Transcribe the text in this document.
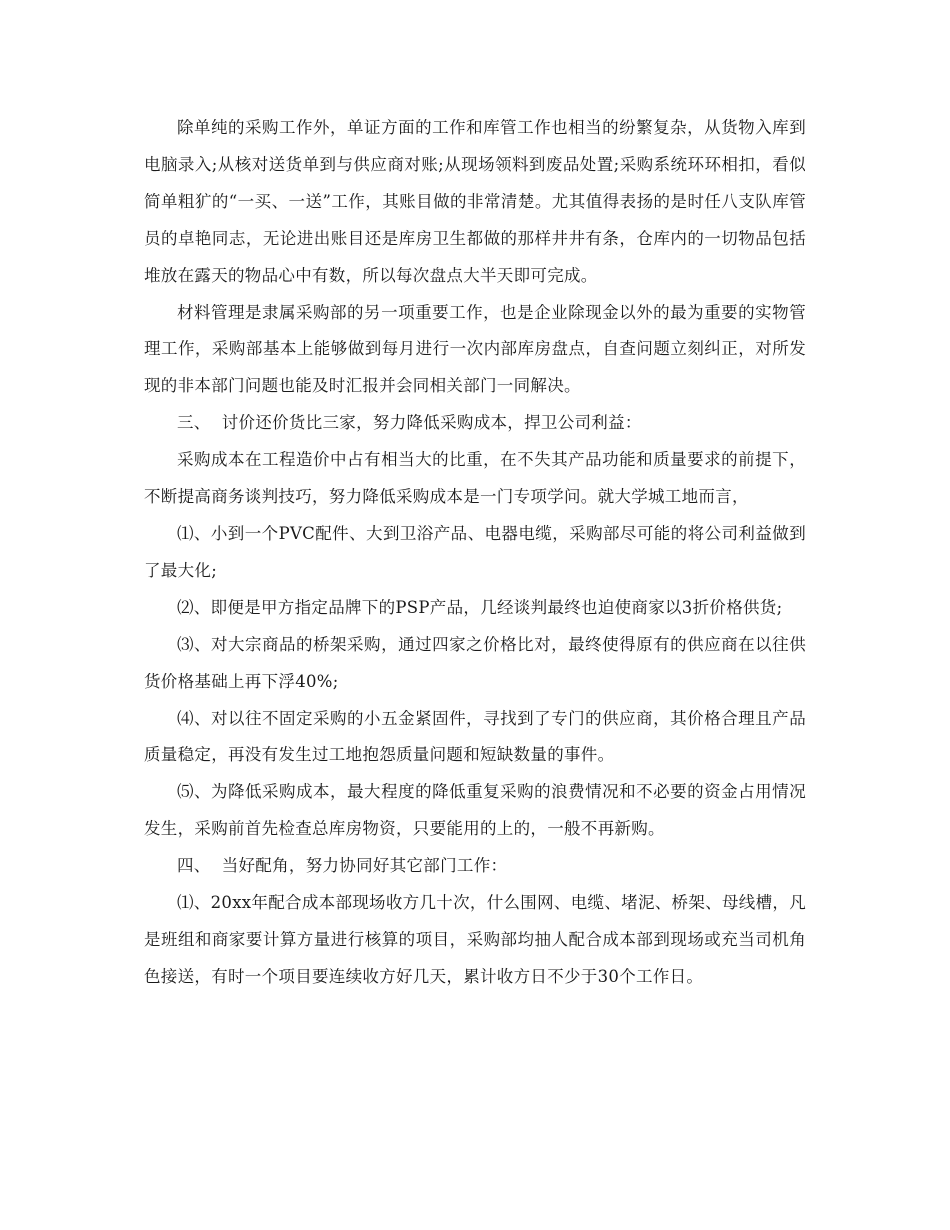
除单纯的采购工作外，单证方面的工作和库管工作也相当的纷繁复杂，从货物入库到电脑录入;从核对送货单到与供应商对账;从现场领料到废品处置;采购系统环环相扣，看似简单粗犷的“一买、一送”工作，其账目做的非常清楚。尤其值得表扬的是时任八支队库管员的卓艳同志，无论进出账目还是库房卫生都做的那样井井有条，仓库内的一切物品包括堆放在露天的物品心中有数，所以每次盘点大半天即可完成。

材料管理是隶属采购部的另一项重要工作，也是企业除现金以外的最为重要的实物管理工作，采购部基本上能够做到每月进行一次内部库房盘点，自查问题立刻纠正，对所发现的非本部门问题也能及时汇报并会同相关部门一同解决。

三、  讨价还价货比三家，努力降低采购成本，捍卫公司利益：

采购成本在工程造价中占有相当大的比重，在不失其产品功能和质量要求的前提下，不断提高商务谈判技巧，努力降低采购成本是一门专项学问。就大学城工地而言，

⑴、小到一个PVC配件、大到卫浴产品、电器电缆，采购部尽可能的将公司利益做到了最大化;

⑵、即便是甲方指定品牌下的PSP产品，几经谈判最终也迫使商家以3折价格供货;

⑶、对大宗商品的桥架采购，通过四家之价格比对，最终使得原有的供应商在以往供货价格基础上再下浮40%;

⑷、对以往不固定采购的小五金紧固件，寻找到了专门的供应商，其价格合理且产品质量稳定，再没有发生过工地抱怨质量问题和短缺数量的事件。

⑸、为降低采购成本，最大程度的降低重复采购的浪费情况和不必要的资金占用情况发生，采购前首先检查总库房物资，只要能用的上的，一般不再新购。

四、  当好配角，努力协同好其它部门工作：

⑴、20xx年配合成本部现场收方几十次，什么围网、电缆、堵泥、桥架、母线槽，凡是班组和商家要计算方量进行核算的项目，采购部均抽人配合成本部到现场或充当司机角色接送，有时一个项目要连续收方好几天，累计收方日不少于30个工作日。
